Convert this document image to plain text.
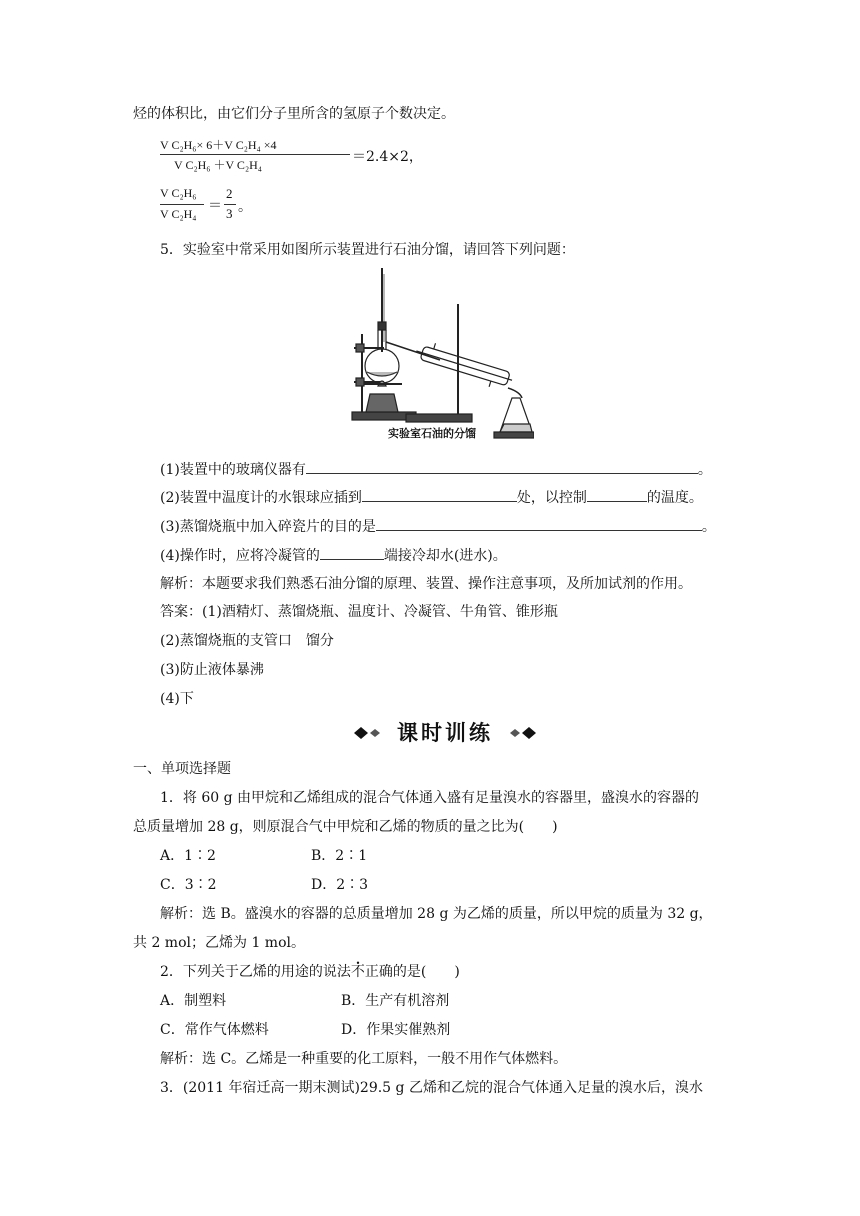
烃的体积比，由它们分子里所含的氢原子个数决定。
V C₂H₆× 6＋V C₂H₄ ×4
V C₂H₆ ＋V C₂H₄	＝2.4×2，
V C₂H₆
V C₂H₄ ＝
2
3 。
5．实验室中常采用如图所示装置进行石油分馏，请回答下列问题：
实验室石油的分馏
(1)装置中的玻璃仪器有	。
(2)装置中温度计的水银球应插到	处，以控制	的温度。
(3)蒸馏烧瓶中加入碎瓷片的目的是	。
(4)操作时，应将冷凝管的	端接冷却水(进水)。
解析：本题要求我们熟悉石油分馏的原理、装置、操作注意事项，及所加试剂的作用。
答案：(1)酒精灯、蒸馏烧瓶、温度计、冷凝管、牛角管、锥形瓶
(2)蒸馏烧瓶的支管口　馏分
(3)防止液体暴沸
(4)下
课时训练
一、单项选择题
1．将 60 g 由甲烷和乙烯组成的混合气体通入盛有足量溴水的容器里，盛溴水的容器的
总质量增加 28 g，则原混合气中甲烷和乙烯的物质的量之比为(　　)
A．1∶2	B．2∶1
C．3∶2	D．2∶3
解析：选 B。盛溴水的容器的总质量增加 28 g 为乙烯的质量，所以甲烷的质量为 32 g，
共 2 mol；乙烯为 1 mol。
2．下列关于乙烯的用途的说法不正确的是(　　)
A．制塑料	B．生产有机溶剂
C．常作气体燃料	D．作果实催熟剂
解析：选 C。乙烯是一种重要的化工原料，一般不用作气体燃料。
3．(2011 年宿迁高一期末测试)29.5 g 乙烯和乙烷的混合气体通入足量的溴水后，溴水
